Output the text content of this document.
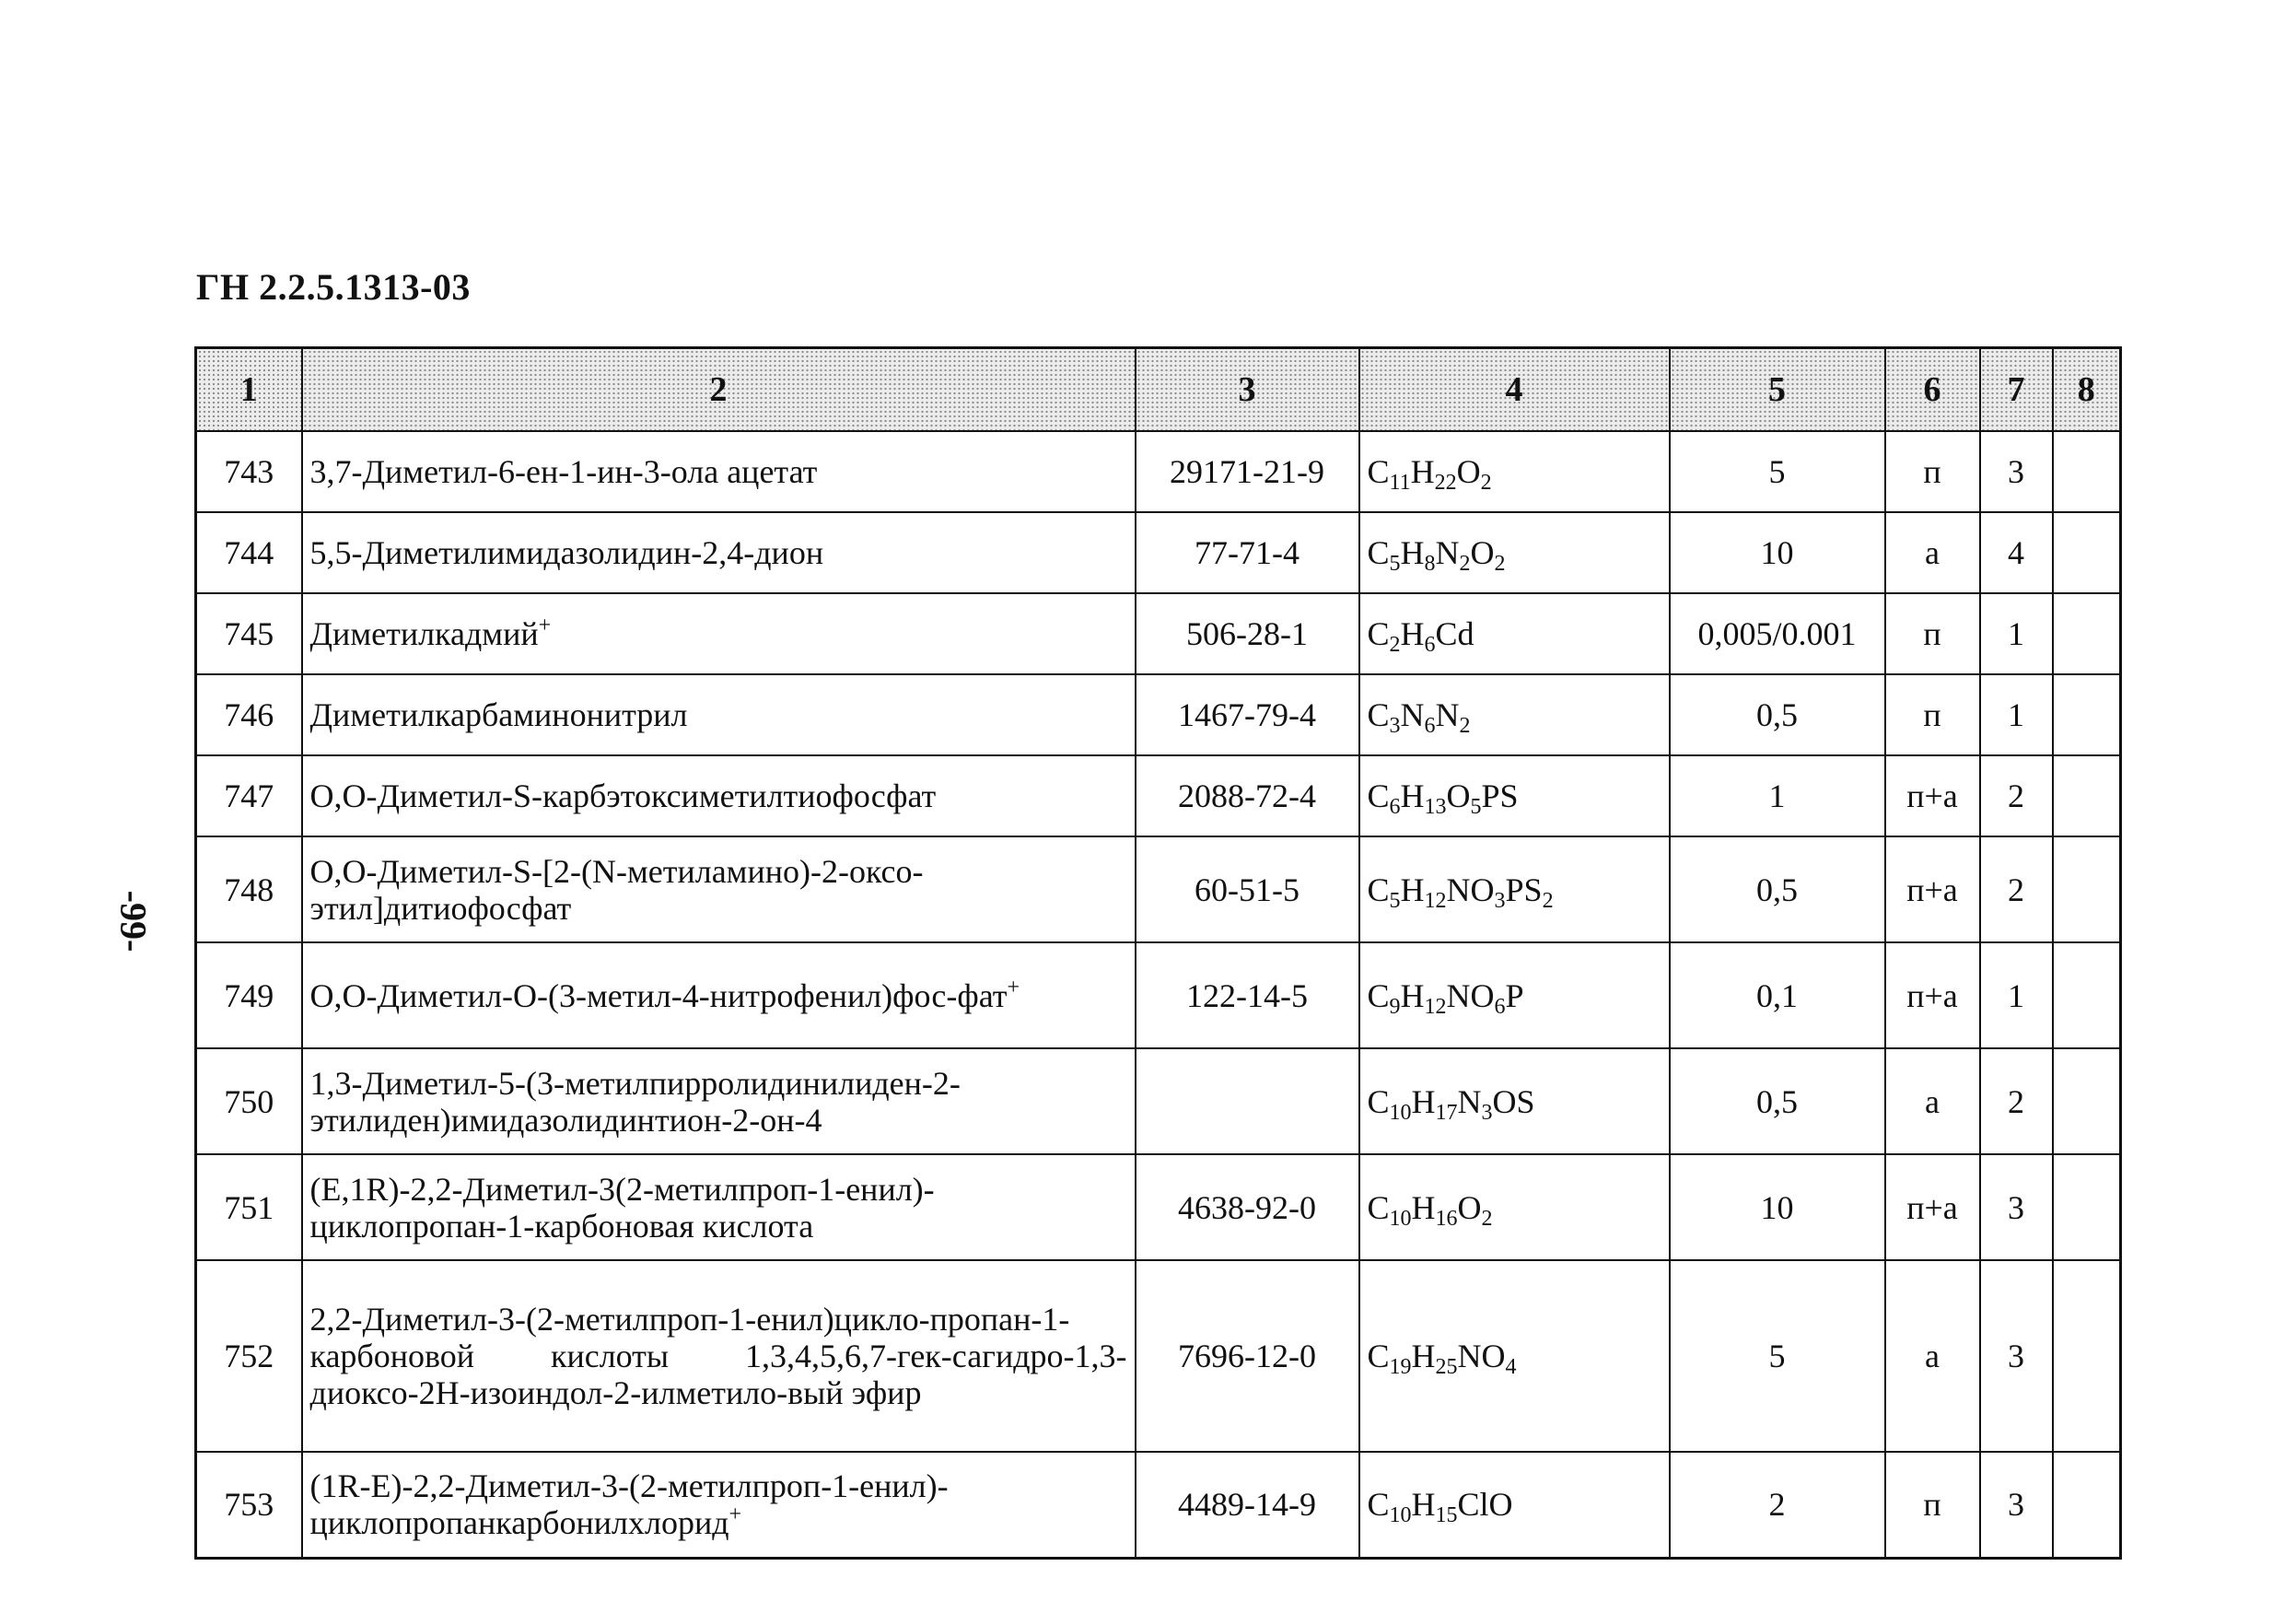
ГН 2.2.5.1313-03
-99-
1	2	3	4	5	6	7	8
743	3,7-Диметил-6-ен-1-ин-3-ола ацетат	29171-21-9	$C_{11}H_{22}O_2$	5	п	3	
744	5,5-Диметилимидазолидин-2,4-дион	77-71-4	$C_5H_8N_2O_2$	10	а	4	
745	Диметилкадмий+	506-28-1	$C_2H_6Cd$	0,005/0.001	п	1	
746	Диметилкарбаминонитрил	1467-79-4	$C_3N_6N_2$	0,5	п	1	
747	O,O-Диметил-S-карбэтоксиметилтиофосфат	2088-72-4	$C_6H_{13}O_5PS$	1	п+а	2	
748	O,O-Диметил-S-[2-(N-метиламино)-2-оксо-этил]дитиофосфат	60-51-5	$C_5H_{12}NO_3PS_2$	0,5	п+а	2	
749	O,O-Диметил-O-(3-метил-4-нитрофенил)фос-фат+	122-14-5	$C_9H_{12}NO_6P$	0,1	п+а	1	
750	1,3-Диметил-5-(3-метилпирролидинилиден-2-этилиден)имидазолидинтион-2-он-4		$C_{10}H_{17}N_3OS$	0,5	а	2	
751	(E,1R)-2,2-Диметил-3(2-метилпроп-1-енил)-циклопропан-1-карбоновая кислота	4638-92-0	$C_{10}H_{16}O_2$	10	п+а	3	
752	2,2-Диметил-3-(2-метилпроп-1-енил)цикло-пропан-1-карбоновой кислоты 1,3,4,5,6,7-гек-сагидро-1,3-диоксо-2Н-изоиндол-2-илметило-вый эфир	7696-12-0	$C_{19}H_{25}NO_4$	5	а	3	
753	(1R-E)-2,2-Диметил-3-(2-метилпроп-1-енил)-циклопропанкарбонилхлорид+	4489-14-9	$C_{10}H_{15}ClO$	2	п	3	
